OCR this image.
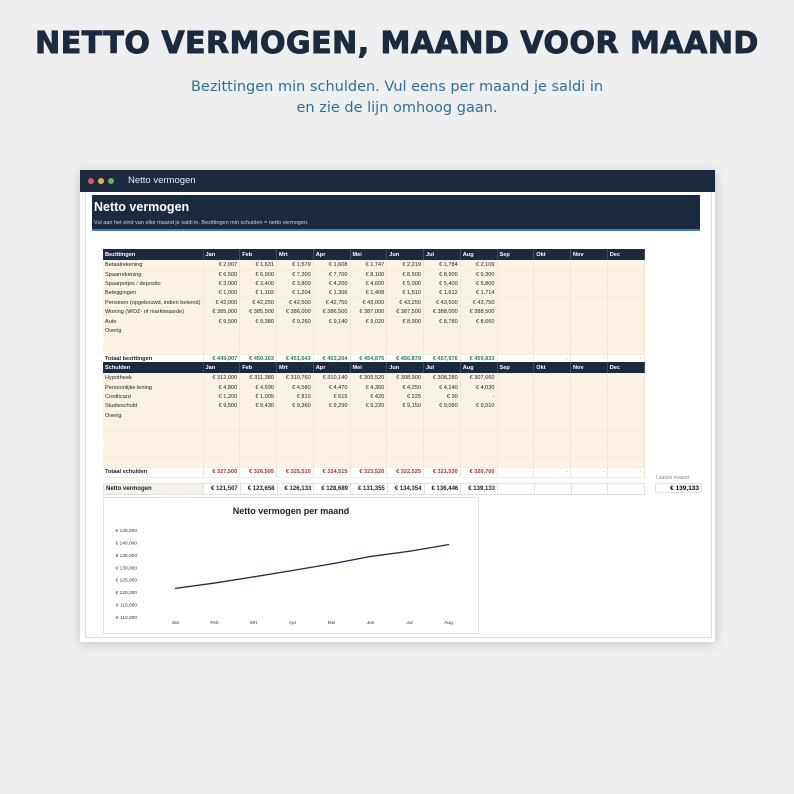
NETTO VERMOGEN, MAAND VOOR MAAND
Bezittingen min schulden. Vul eens per maand je saldi in
en zie de lijn omhoog gaan.
Netto vermogen
Netto vermogen
Vul aan het eind van elke maand je saldi in. Bezittingen min schulden = netto vermogen.
Bezittingen	Jan	Feb	Mrt	Apr	Mei	Jun	Jul	Aug	Sep	Okt	Nov	Dec
Betaalrekening	€ 2,007	€ 1,631	€ 1,579	€ 1,608	€ 1,747	€ 2,219	€ 1,784	€ 2,109				
Spaarrekening	€ 6,500	€ 6,900	€ 7,300	€ 7,700	€ 8,100	€ 8,500	€ 8,900	€ 9,300				
Spaarpotjes / deposito	€ 3,000	€ 3,400	€ 3,800	€ 4,200	€ 4,600	€ 5,000	€ 5,400	€ 5,800				
Beleggingen	€ 1,000	€ 1,102	€ 1,204	€ 1,306	€ 1,408	€ 1,510	€ 1,612	€ 1,714				
Pensioen (opgebouwd, indien bekend)	€ 42,000	€ 42,250	€ 42,500	€ 42,750	€ 43,000	€ 43,250	€ 43,500	€ 43,750				
Woning (WOZ- of marktwaarde)	€ 385,000	€ 385,500	€ 386,000	€ 386,500	€ 387,000	€ 387,500	€ 388,000	€ 388,500				
Auto	€ 9,500	€ 9,380	€ 9,260	€ 9,140	€ 9,020	€ 8,900	€ 8,780	€ 8,660				
Overig												

Totaal bezittingen	€ 449,007	€ 450,163	€ 451,643	€ 453,204	€ 454,875	€ 456,879	€ 457,976	€ 459,833	-	-	-	-
Schulden	Jan	Feb	Mrt	Apr	Mei	Jun	Jul	Aug	Sep	Okt	Nov	Dec
Hypotheek	€ 312,000	€ 311,380	€ 310,760	€ 310,140	€ 309,520	€ 308,900	€ 308,280	€ 307,660				
Persoonlijke lening	€ 4,800	€ 4,690	€ 4,580	€ 4,470	€ 4,360	€ 4,250	€ 4,140	€ 4,030				
Creditcard	€ 1,200	€ 1,005	€ 810	€ 615	€ 420	€ 225	€ 30	-				
Studieschuld	€ 9,500	€ 9,430	€ 9,360	€ 9,290	€ 9,220	€ 9,150	€ 9,080	€ 9,010				
Overig												

Totaal schulden	€ 327,500	€ 326,505	€ 325,510	€ 324,515	€ 323,520	€ 322,525	€ 321,530	€ 320,700	-	-	-	-
Netto vermogen	€ 121,507	€ 123,658	€ 126,133	€ 128,689	€ 131,355	€ 134,354	€ 136,446	€ 139,133				
Laatste maand
€ 139,133
Netto vermogen per maand
€ 110,000
€ 115,000
€ 120,000
€ 125,000
€ 130,000
€ 135,000
€ 140,000
€ 145,000
Jan	Feb	Mrt	Apr	Mei	Jun	Jul	Aug
